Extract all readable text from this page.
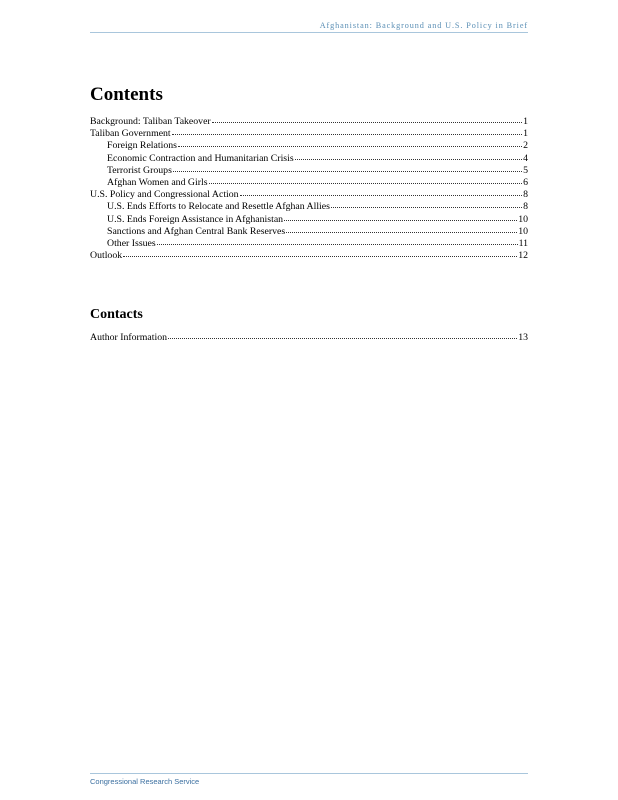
Afghanistan: Background and U.S. Policy in Brief
Contents
Background: Taliban Takeover	1
Taliban Government	1
Foreign Relations	2
Economic Contraction and Humanitarian Crisis	4
Terrorist Groups	5
Afghan Women and Girls	6
U.S. Policy and Congressional Action	8
U.S. Ends Efforts to Relocate and Resettle Afghan Allies	8
U.S. Ends Foreign Assistance in Afghanistan	10
Sanctions and Afghan Central Bank Reserves	10
Other Issues	11
Outlook	12
Contacts
Author Information	13
Congressional Research Service
